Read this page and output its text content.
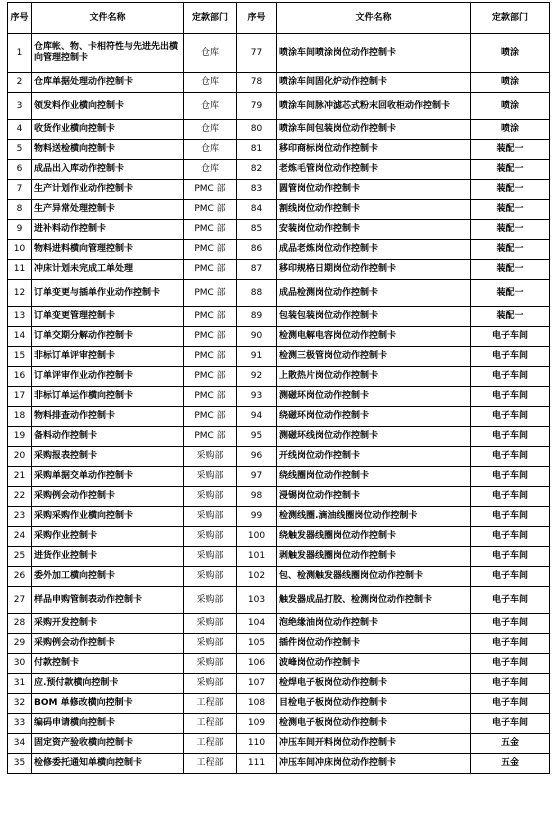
序号	文件名称	定款部门	序号	文件名称	定款部门
1	仓库帐、物、卡相符性与先进先出横向管理控制卡	仓库	77	喷涂车间喷涂岗位动作控制卡	喷涂
2	仓库单据处理动作控制卡	仓库	78	喷涂车间固化炉动作控制卡	喷涂
3	领发料作业横向控制卡	仓库	79	喷涂车间脉冲滤芯式粉末回收柜动作控制卡	喷涂
4	收货作业横向控制卡	仓库	80	喷涂车间包装岗位动作控制卡	喷涂
5	物料送检横向控制卡	仓库	81	移印商标岗位动作控制卡	装配一
6	成品出入库动作控制卡	仓库	82	老炼毛管岗位动作控制卡	装配一
7	生产计划作业动作控制卡	PMC 部	83	圆管岗位动作控制卡	装配一
8	生产异常处理控制卡	PMC 部	84	割线岗位动作控制卡	装配一
9	进补料动作控制卡	PMC 部	85	安装岗位动作控制卡	装配一
10	物料进料横向管理控制卡	PMC 部	86	成品老炼岗位动作控制卡	装配一
11	冲床计划未完成工单处理	PMC 部	87	移印规格日期岗位动作控制卡	装配一
12	订单变更与插单作业动作控制卡	PMC 部	88	成品检测岗位动作控制卡	装配一
13	订单变更管理控制卡	PMC 部	89	包装包装岗位动作控制卡	装配一
14	订单交期分解动作控制卡	PMC 部	90	检测电解电容岗位动作控制卡	电子车间
15	非标订单评审控制卡	PMC 部	91	检测三极管岗位动作控制卡	电子车间
16	订单评审作业动作控制卡	PMC 部	92	上散热片岗位动作控制卡	电子车间
17	非标订单运作横向控制卡	PMC 部	93	测磁环岗位动作控制卡	电子车间
18	物料排查动作控制卡	PMC 部	94	绕磁环岗位动作控制卡	电子车间
19	备料动作控制卡	PMC 部	95	测磁环线岗位动作控制卡	电子车间
20	采购报表控制卡	采购部	96	开线岗位动作控制卡	电子车间
21	采购单据交单动作控制卡	采购部	97	绕线圈岗位动作控制卡	电子车间
22	采购例会动作控制卡	采购部	98	浸锡岗位动作控制卡	电子车间
23	采购采购作业横向控制卡	采购部	99	检测线圈.滴油线圈岗位动作控制卡	电子车间
24	采购作业控制卡	采购部	100	绕触发器线圈岗位动作控制卡	电子车间
25	进货作业控制卡	采购部	101	剥触发器线圈岗位动作控制卡	电子车间
26	委外加工横向控制卡	采购部	102	包、检测触发器线圈岗位动作控制卡	电子车间
27	样品申购管制表动作控制卡	采购部	103	触发器成品打胶、检测岗位动作控制卡	电子车间
28	采购开发控制卡	采购部	104	泡绝缘油岗位动作控制卡	电子车间
29	采购例会动作控制卡	采购部	105	插件岗位动作控制卡	电子车间
30	付款控制卡	采购部	106	波峰岗位动作控制卡	电子车间
31	应.预付款横向控制卡	采购部	107	检焊电子板岗位动作控制卡	电子车间
32	BOM 单修改横向控制卡	工程部	108	目检电子板岗位动作控制卡	电子车间
33	编码申请横向控制卡	工程部	109	检测电子板岗位动作控制卡	电子车间
34	固定资产验收横向控制卡	工程部	110	冲压车间开料岗位动作控制卡	五金
35	检修委托通知单横向控制卡	工程部	111	冲压车间冲床岗位动作控制卡	五金
